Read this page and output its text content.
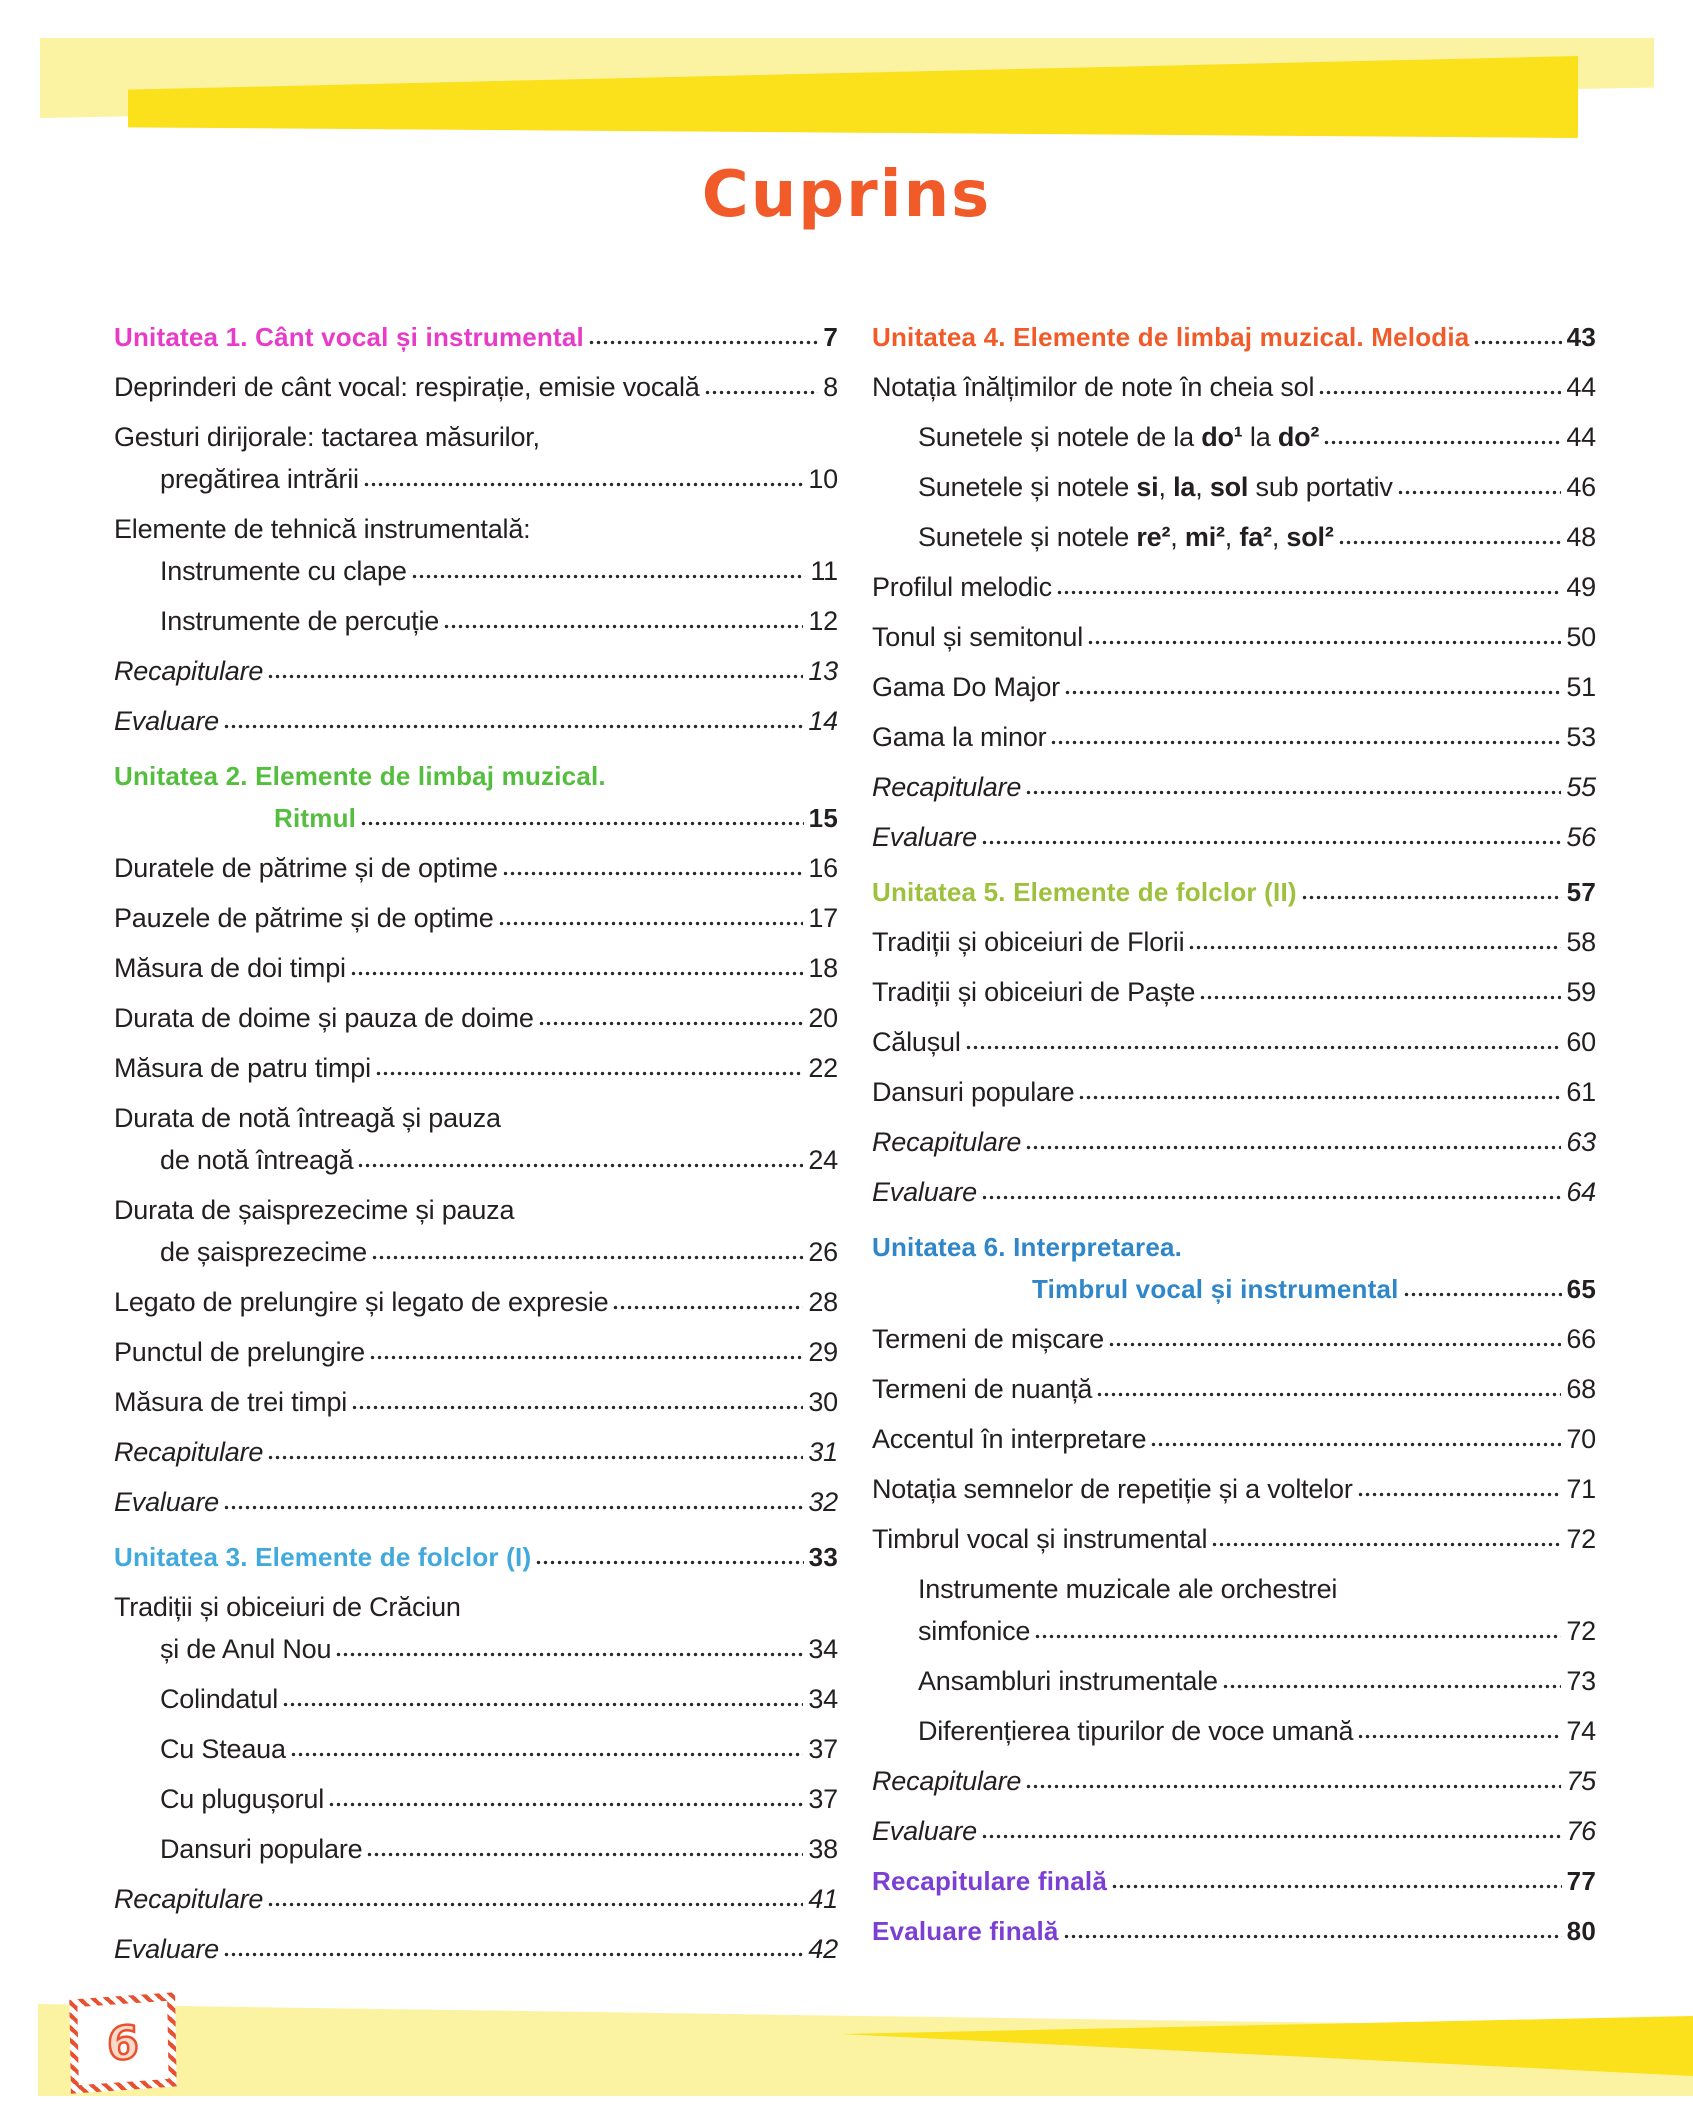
Cuprins
Unitatea 1. Cânt vocal și instrumental	7
Deprinderi de cânt vocal: respirație, emisie vocală	8
Gesturi dirijorale: tactarea măsurilor,
pregătirea intrării	10
Elemente de tehnică instrumentală:
Instrumente cu clape	11
Instrumente de percuție	12
Recapitulare	13
Evaluare	14
Unitatea 2. Elemente de limbaj muzical.
Ritmul	15
Duratele de pătrime și de optime	16
Pauzele de pătrime și de optime	17
Măsura de doi timpi	18
Durata de doime și pauza de doime	20
Măsura de patru timpi	22
Durata de notă întreagă și pauza
de notă întreagă	24
Durata de șaisprezecime și pauza
de șaisprezecime	26
Legato de prelungire și legato de expresie	28
Punctul de prelungire	29
Măsura de trei timpi	30
Recapitulare	31
Evaluare	32
Unitatea 3. Elemente de folclor (I)	33
Tradiții și obiceiuri de Crăciun
și de Anul Nou	34
Colindatul	34
Cu Steaua	37
Cu plugușorul	37
Dansuri populare	38
Recapitulare	41
Evaluare	42
Unitatea 4. Elemente de limbaj muzical. Melodia	43
Notația înălțimilor de note în cheia sol	44
Sunetele și notele de la do¹ la do²	44
Sunetele și notele si, la, sol sub portativ	46
Sunetele și notele re², mi², fa², sol²	48
Profilul melodic	49
Tonul și semitonul	50
Gama Do Major	51
Gama la minor	53
Recapitulare	55
Evaluare	56
Unitatea 5. Elemente de folclor (II)	57
Tradiții și obiceiuri de Florii	58
Tradiții și obiceiuri de Paște	59
Călușul	60
Dansuri populare	61
Recapitulare	63
Evaluare	64
Unitatea 6. Interpretarea.
Timbrul vocal și instrumental	65
Termeni de mișcare	66
Termeni de nuanță	68
Accentul în interpretare	70
Notația semnelor de repetiție și a voltelor	71
Timbrul vocal și instrumental	72
Instrumente muzicale ale orchestrei
simfonice	72
Ansambluri instrumentale	73
Diferențierea tipurilor de voce umană	74
Recapitulare	75
Evaluare	76
Recapitulare finală	77
Evaluare finală	80
6
